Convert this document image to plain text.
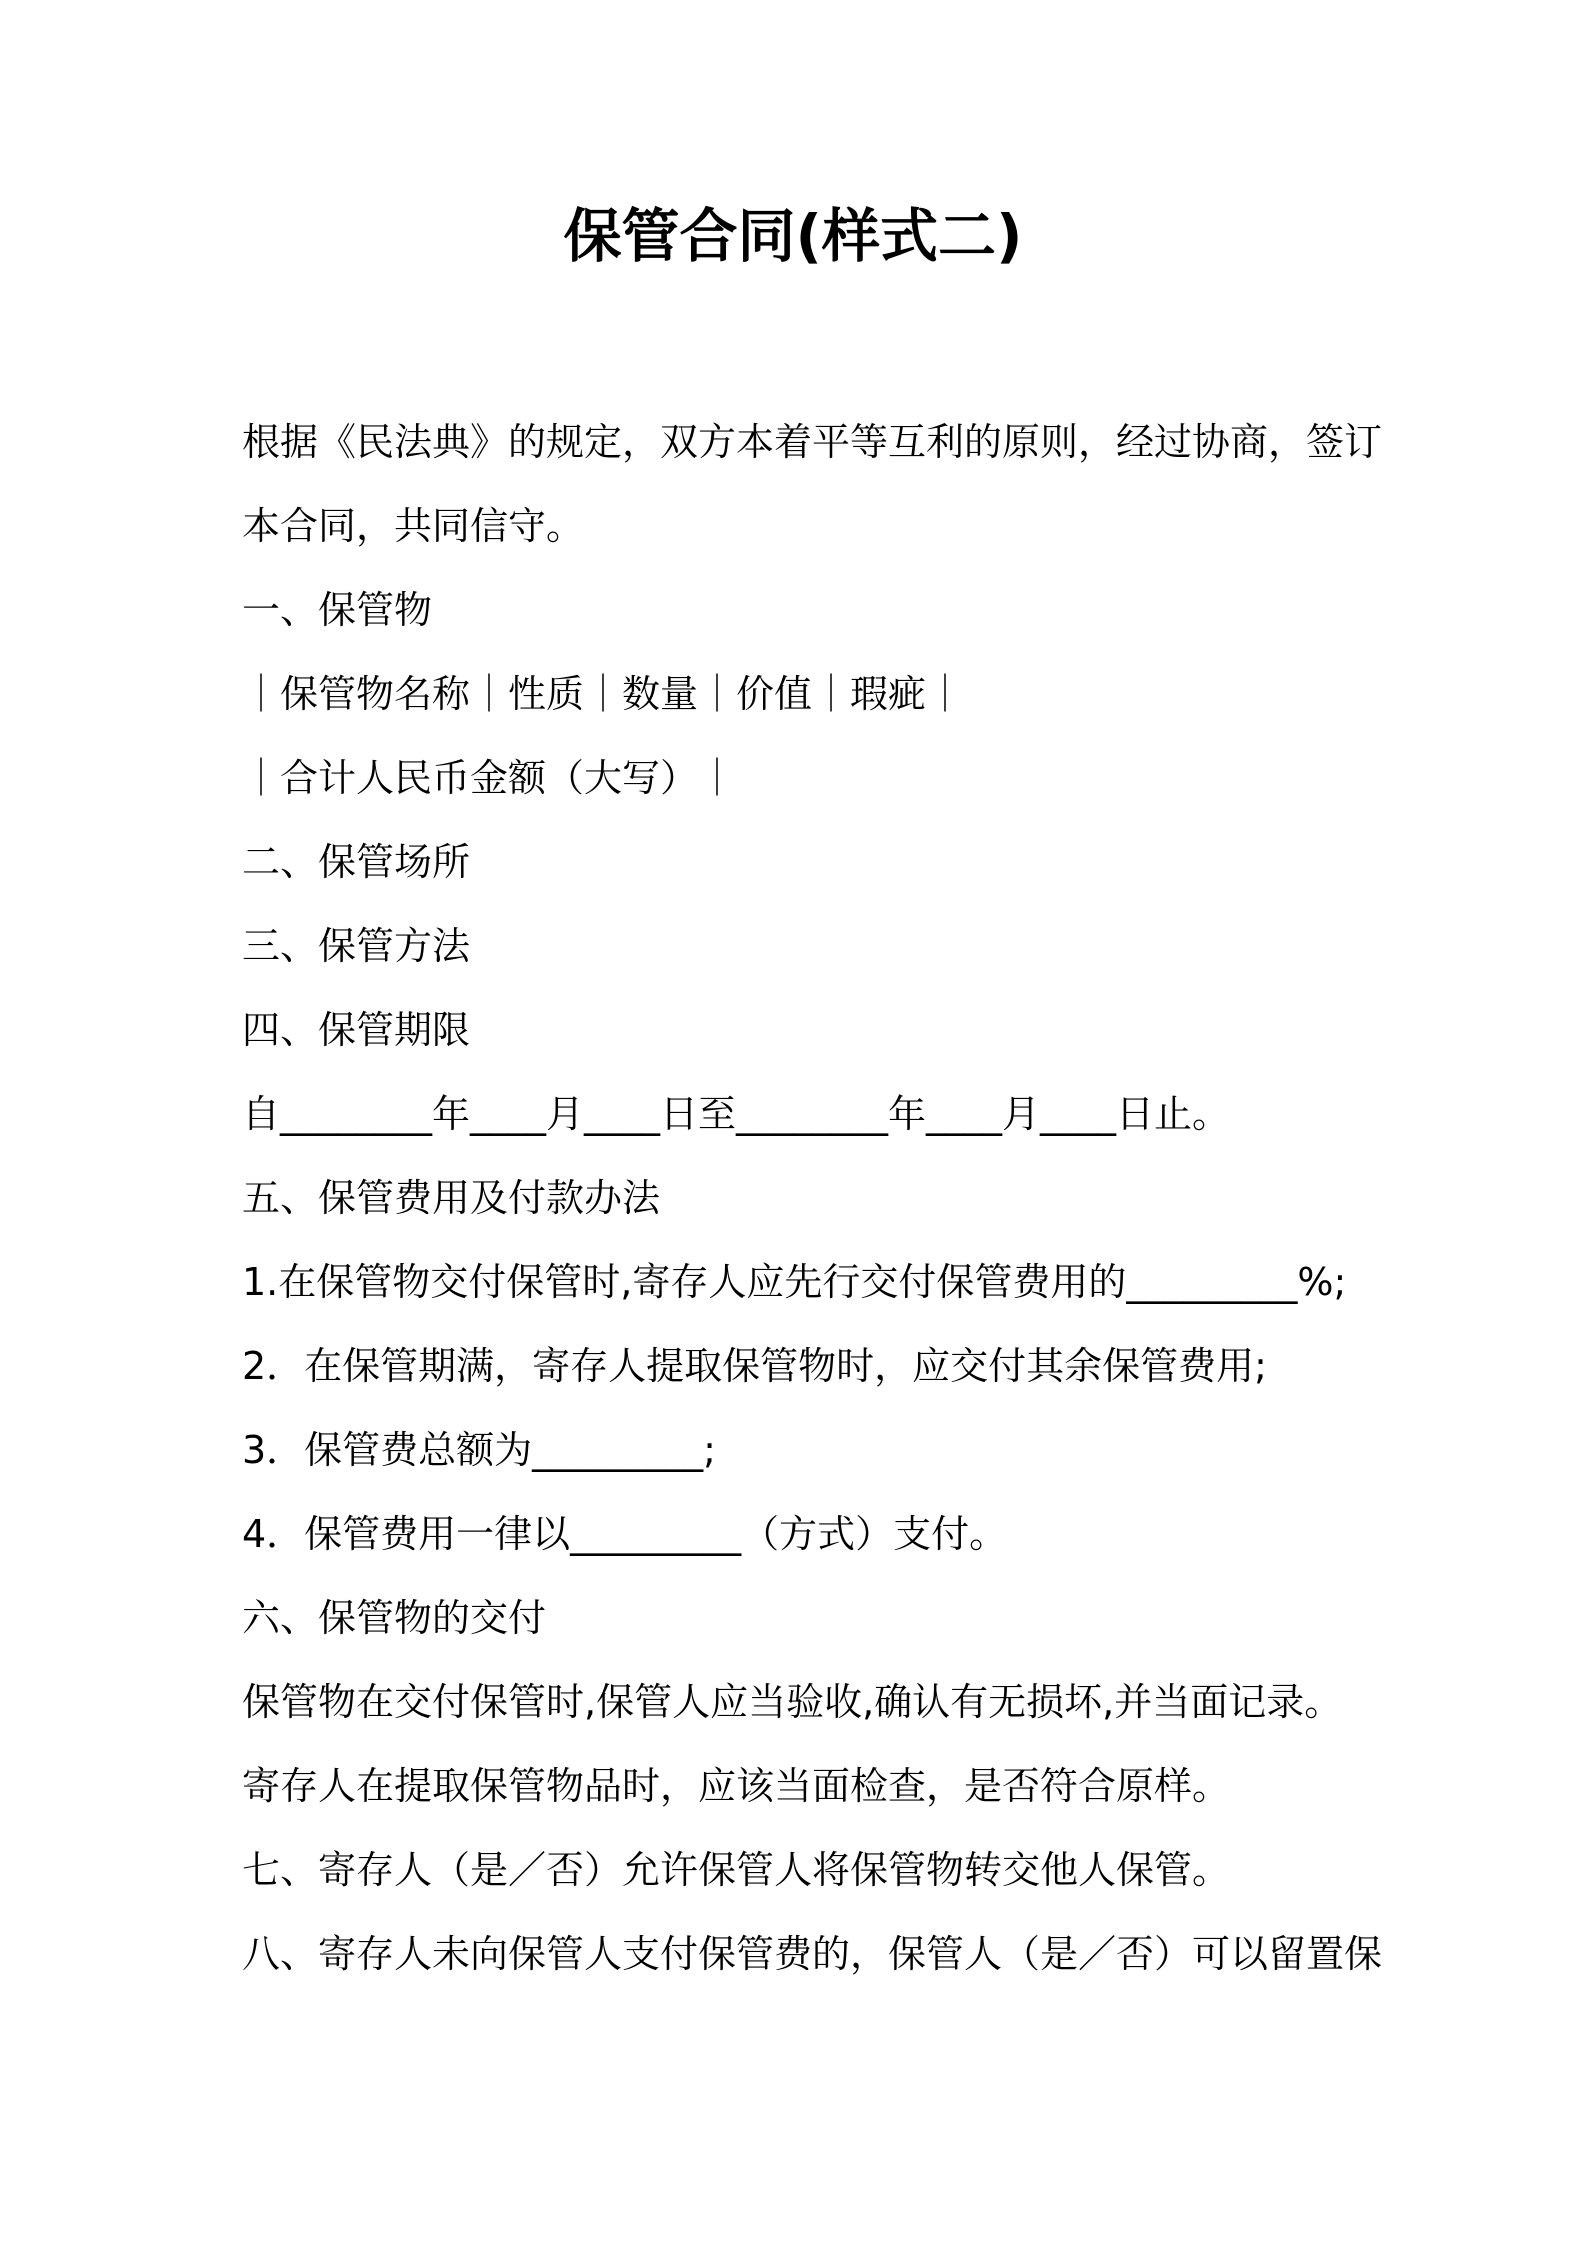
保管合同(样式二)
根据《民法典》的规定，双方本着平等互利的原则，经过协商，签订
本合同，共同信守。
一、保管物
｜保管物名称｜性质｜数量｜价值｜瑕疵｜
｜合计人民币金额（大写）｜
二、保管场所
三、保管方法
四、保管期限
自________年____月____日至________年____月____日止。
五、保管费用及付款办法
1.在保管物交付保管时,寄存人应先行交付保管费用的_________%;
2．在保管期满，寄存人提取保管物时，应交付其余保管费用;
3．保管费总额为_________;
4．保管费用一律以_________（方式）支付。
六、保管物的交付
保管物在交付保管时,保管人应当验收,确认有无损坏,并当面记录。
寄存人在提取保管物品时，应该当面检查，是否符合原样。
七、寄存人（是／否）允许保管人将保管物转交他人保管。
八、寄存人未向保管人支付保管费的，保管人（是／否）可以留置保
